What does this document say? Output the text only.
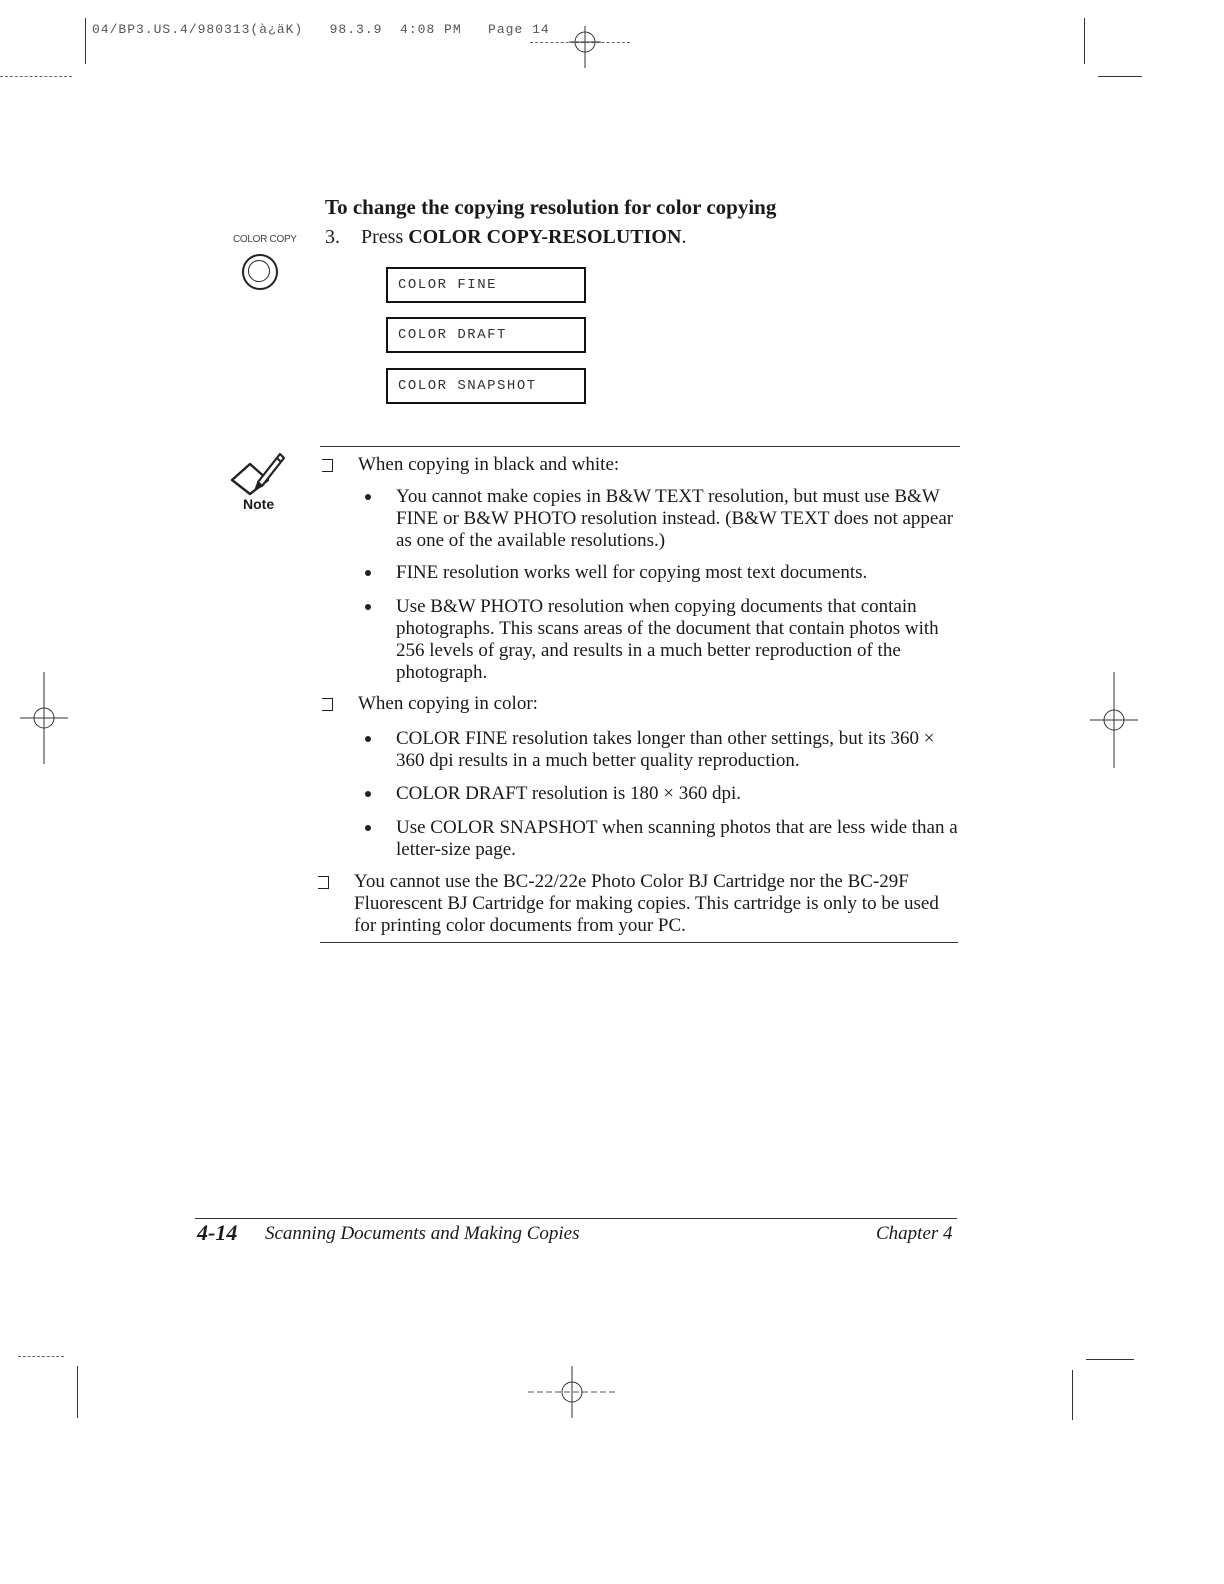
04/BP3.US.4/980313(à¿äK)   98.3.9  4:08 PM   Page 14
To change the copying resolution for color copying
COLOR COPY 3. Press COLOR COPY-RESOLUTION.
COLOR FINE
COLOR DRAFT
COLOR SNAPSHOT
Note
When copying in black and white:
You cannot make copies in B&W TEXT resolution, but must use B&W FINE or B&W PHOTO resolution instead. (B&W TEXT does not appear as one of the available resolutions.)
FINE resolution works well for copying most text documents.
Use B&W PHOTO resolution when copying documents that contain photographs. This scans areas of the document that contain photos with 256 levels of gray, and results in a much better reproduction of the photograph.
When copying in color:
COLOR FINE resolution takes longer than other settings, but its 360 × 360 dpi results in a much better quality reproduction.
COLOR DRAFT resolution is 180 × 360 dpi.
Use COLOR SNAPSHOT when scanning photos that are less wide than a letter-size page.
You cannot use the BC-22/22e Photo Color BJ Cartridge nor the BC-29F Fluorescent BJ Cartridge for making copies. This cartridge is only to be used for printing color documents from your PC.
4-14 Scanning Documents and Making Copies	Chapter 4
